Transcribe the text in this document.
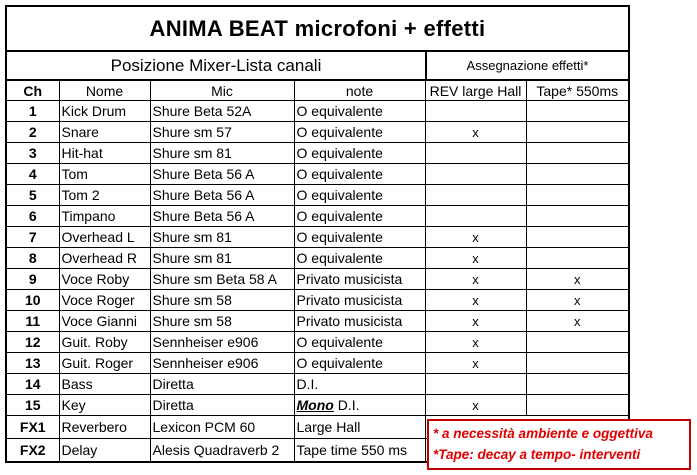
ANIMA BEAT microfoni + effetti
Posizione Mixer-Lista canali	Assegnazione effetti*
Ch	Nome	Mic	note	REV large Hall	Tape* 550ms
1	Kick Drum	Shure Beta 52A	O equivalente		
2	Snare	Shure sm 57	O equivalente	x	
3	Hit-hat	Shure sm 81	O equivalente		
4	Tom	Shure Beta 56 A	O equivalente		
5	Tom 2	Shure Beta 56 A	O equivalente		
6	Timpano	Shure Beta 56 A	O equivalente		
7	Overhead L	Shure sm 81	O equivalente	x	
8	Overhead R	Shure sm 81	O equivalente	x	
9	Voce Roby	Shure sm Beta 58 A	Privato musicista	x	x
10	Voce Roger	Shure sm 58	Privato musicista	x	x
11	Voce Gianni	Shure sm 58	Privato musicista	x	x
12	Guit. Roby	Sennheiser e906	O equivalente	x	
13	Guit. Roger	Sennheiser e906	O equivalente	x	
14	Bass	Diretta	D.I.		
15	Key	Diretta	Mono D.I.	x	
FX1	Reverbero	Lexicon PCM 60	Large Hall		
FX2	Delay	Alesis Quadraverb 2	Tape time 550 ms		
* a necessità ambiente e oggettiva
*Tape: decay a tempo- interventi
